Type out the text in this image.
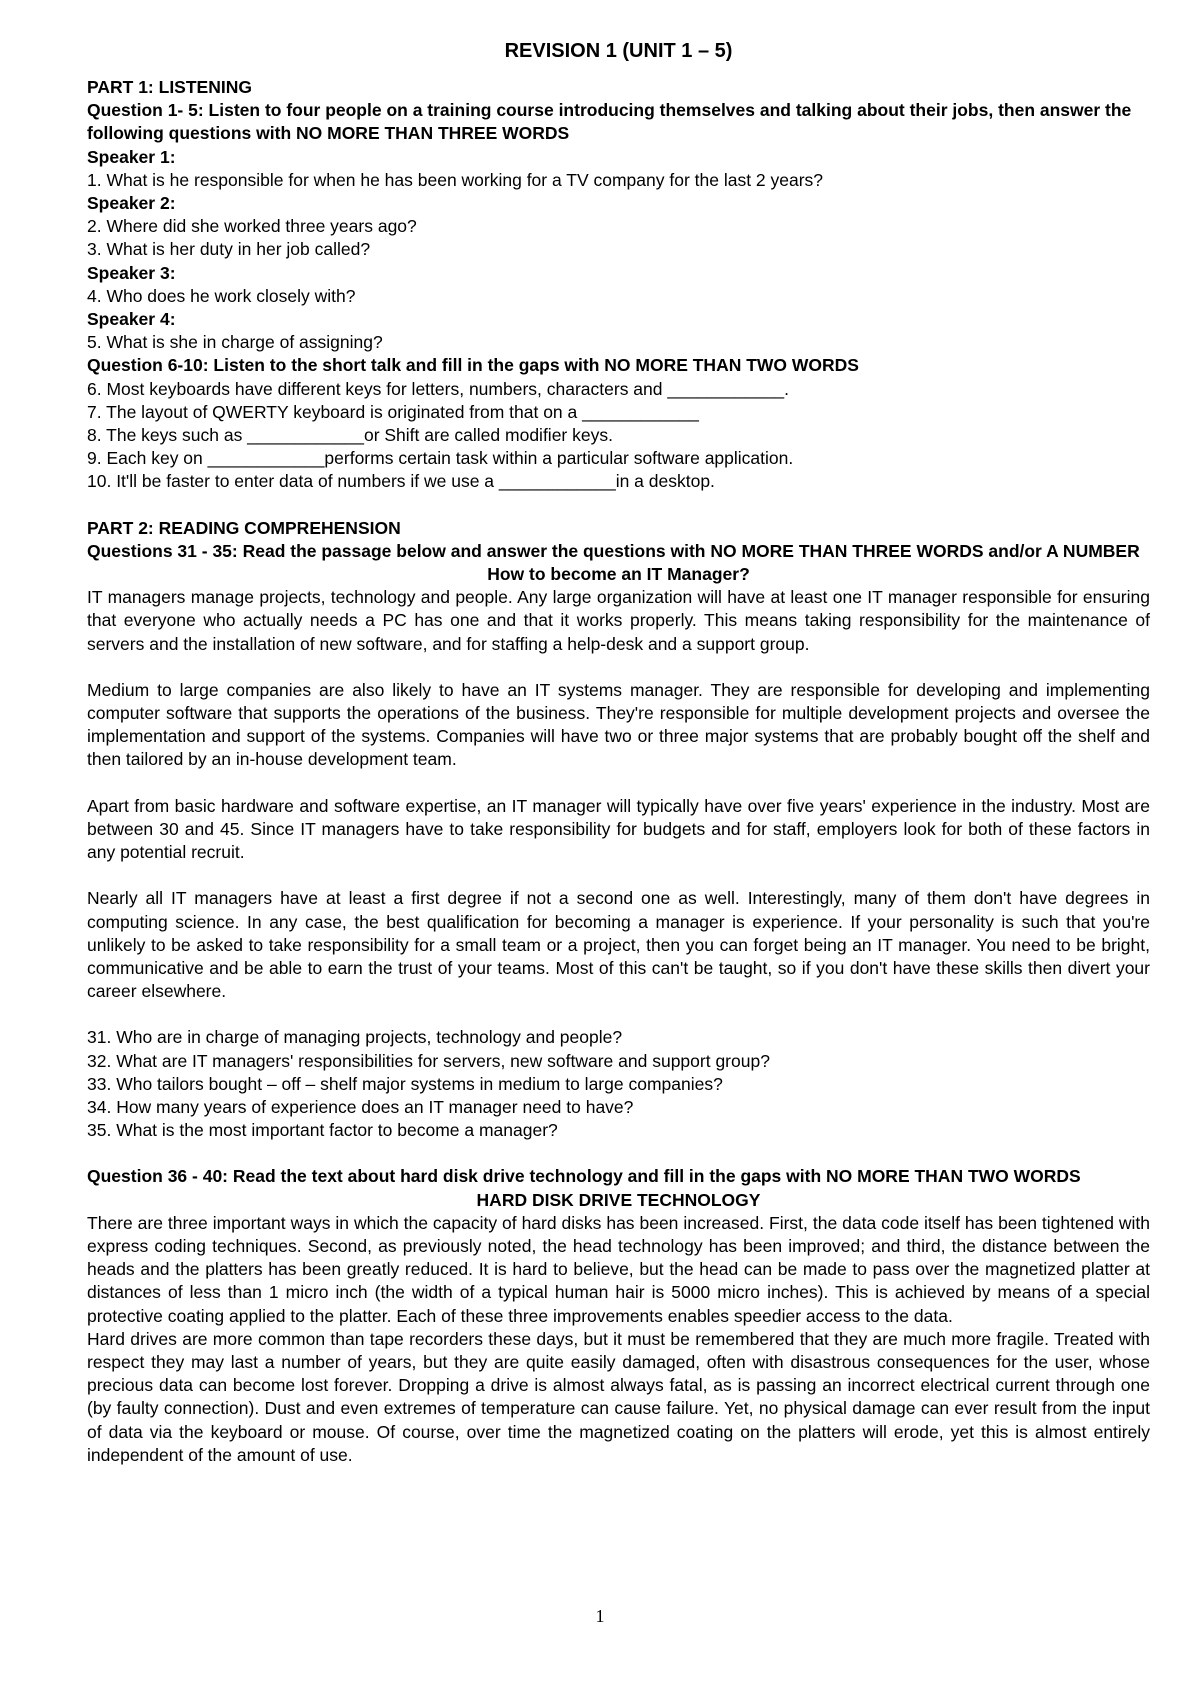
REVISION 1 (UNIT 1 – 5)

PART 1: LISTENING

Question 1- 5: Listen to four people on a training course introducing themselves and talking about their jobs, then answer the following questions with NO MORE THAN THREE WORDS

Speaker 1:

1. What is he responsible for when he has been working for a TV company for the last 2 years?

Speaker 2:

2. Where did she worked three years ago?

3. What is her duty in her job called?

Speaker 3:

4. Who does he work closely with?

Speaker 4:

5. What is she in charge of assigning?

Question 6-10: Listen to the short talk and fill in the gaps with NO MORE THAN TWO WORDS

6. Most keyboards have different keys for letters, numbers, characters and ____________.

7. The layout of QWERTY keyboard is originated from that on a ____________

8. The keys such as ____________or Shift are called modifier keys.

9. Each key on ____________performs certain task within a particular software application.

10. It'll be faster to enter data of numbers if we use a ____________in a desktop.

PART 2: READING COMPREHENSION

Questions 31 - 35: Read the passage below and answer the questions with NO MORE THAN THREE WORDS and/or A NUMBER

How to become an IT Manager?

IT managers manage projects, technology and people. Any large organization will have at least one IT manager responsible for ensuring that everyone who actually needs a PC has one and that it works properly. This means taking responsibility for the maintenance of servers and the installation of new software, and for staffing a help-desk and a support group.

Medium to large companies are also likely to have an IT systems manager. They are responsible for developing and implementing computer software that supports the operations of the business. They're responsible for multiple development projects and oversee the implementation and support of the systems. Companies will have two or three major systems that are probably bought off the shelf and then tailored by an in-house development team.

Apart from basic hardware and software expertise, an IT manager will typically have over five years' experience in the industry. Most are between 30 and 45. Since IT managers have to take responsibility for budgets and for staff, employers look for both of these factors in any potential recruit.

Nearly all IT managers have at least a first degree if not a second one as well. Interestingly, many of them don't have degrees in computing science. In any case, the best qualification for becoming a manager is experience. If your personality is such that you're unlikely to be asked to take responsibility for a small team or a project, then you can forget being an IT manager. You need to be bright, communicative and be able to earn the trust of your teams. Most of this can't be taught, so if you don't have these skills then divert your career elsewhere.

31. Who are in charge of managing projects, technology and people?

32. What are IT managers' responsibilities for servers, new software and support group?

33. Who tailors bought – off – shelf major systems in medium to large companies?

34. How many years of experience does an IT manager need to have?

35. What is the most important factor to become a manager?

Question 36 - 40: Read the text about hard disk drive technology and fill in the gaps with NO MORE THAN TWO WORDS

HARD DISK DRIVE TECHNOLOGY

There are three important ways in which the capacity of hard disks has been increased. First, the data code itself has been tightened with express coding techniques. Second, as previously noted, the head technology has been improved; and third, the distance between the heads and the platters has been greatly reduced. It is hard to believe, but the head can be made to pass over the magnetized platter at distances of less than 1 micro inch (the width of a typical human hair is 5000 micro inches). This is achieved by means of a special protective coating applied to the platter. Each of these three improvements enables speedier access to the data.

Hard drives are more common than tape recorders these days, but it must be remembered that they are much more fragile. Treated with respect they may last a number of years, but they are quite easily damaged, often with disastrous consequences for the user, whose precious data can become lost forever. Dropping a drive is almost always fatal, as is passing an incorrect electrical current through one (by faulty connection). Dust and even extremes of temperature can cause failure. Yet, no physical damage can ever result from the input of data via the keyboard or mouse. Of course, over time the magnetized coating on the platters will erode, yet this is almost entirely independent of the amount of use.

1
